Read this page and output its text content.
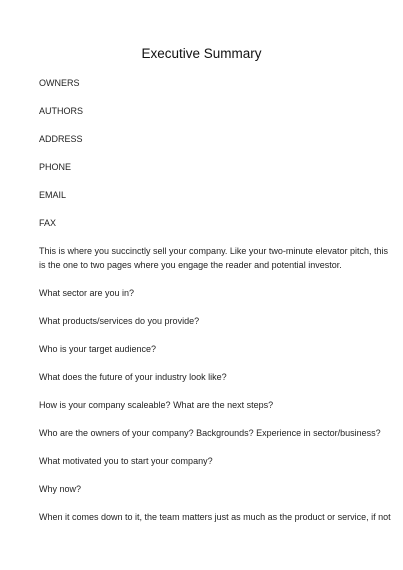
Executive Summary
OWNERS
AUTHORS
ADDRESS
PHONE
EMAIL
FAX
This is where you succinctly sell your company. Like your two-minute elevator pitch, this
is the one to two pages where you engage the reader and potential investor.
What sector are you in?
What products/services do you provide?
Who is your target audience?
What does the future of your industry look like?
How is your company scaleable? What are the next steps?
Who are the owners of your company? Backgrounds? Experience in sector/business?
What motivated you to start your company?
Why now?
When it comes down to it, the team matters just as much as the product or service, if not
